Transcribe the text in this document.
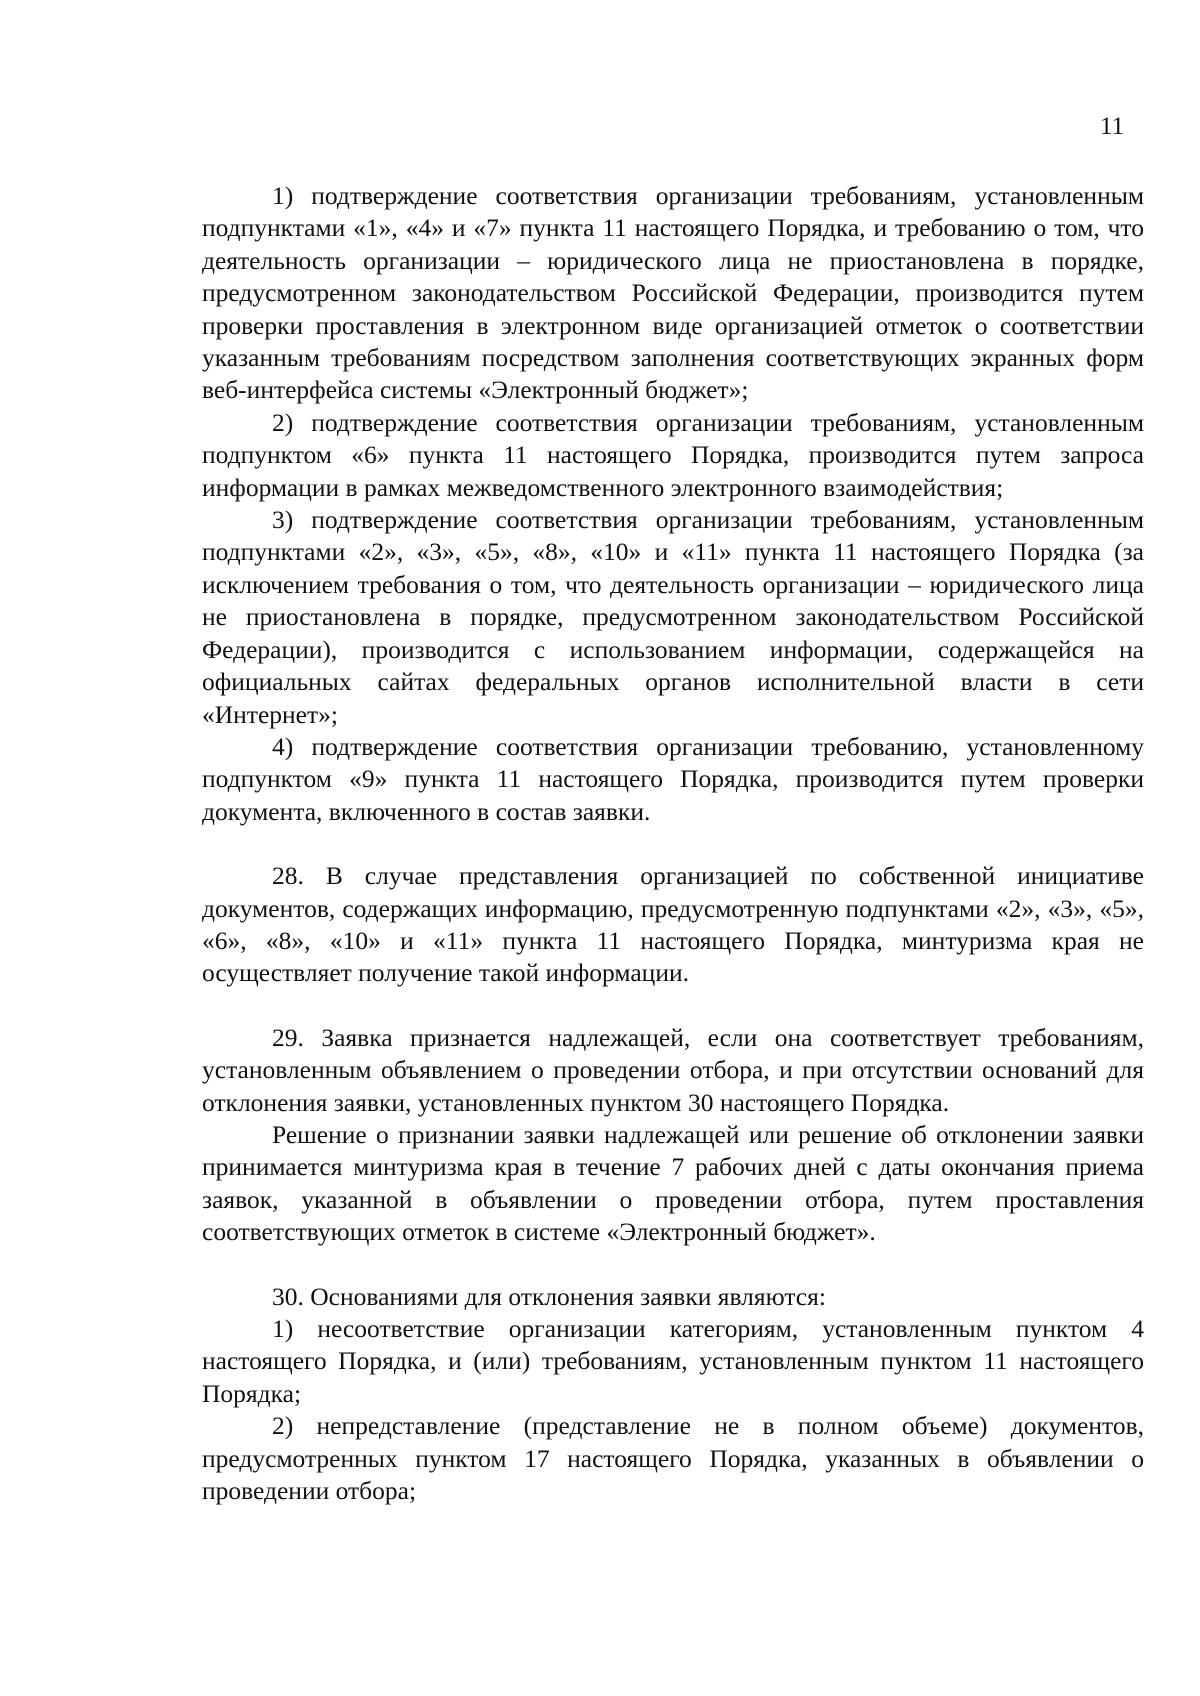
11

1) подтверждение соответствия организации требованиям, установленным подпунктами «1», «4» и «7» пункта 11 настоящего Порядка, и требованию о том, что деятельность организации – юридического лица не приостановлена в порядке, предусмотренном законодательством Российской Федерации, производится путем проверки проставления в электронном виде организацией отметок о соответствии указанным требованиям посредством заполнения соответствующих экранных форм веб-интерфейса системы «Электронный бюджет»;

2) подтверждение соответствия организации требованиям, установленным подпунктом «6» пункта 11 настоящего Порядка, производится путем запроса информации в рамках межведомственного электронного взаимодействия;

3) подтверждение соответствия организации требованиям, установленным подпунктами «2», «3», «5», «8», «10» и «11» пункта 11 настоящего Порядка (за исключением требования о том, что деятельность организации – юридического лица не приостановлена в порядке, предусмотренном законодательством Российской Федерации), производится с использованием информации, содержащейся на официальных сайтах федеральных органов исполнительной власти в сети «Интернет»;

4) подтверждение соответствия организации требованию, установленному подпунктом «9» пункта 11 настоящего Порядка, производится путем проверки документа, включенного в состав заявки.

28. В случае представления организацией по собственной инициативе документов, содержащих информацию, предусмотренную подпунктами «2», «3», «5», «6», «8», «10» и «11» пункта 11 настоящего Порядка, минтуризма края не осуществляет получение такой информации.

29. Заявка признается надлежащей, если она соответствует требованиям, установленным объявлением о проведении отбора, и при отсутствии оснований для отклонения заявки, установленных пунктом 30 настоящего Порядка.

Решение о признании заявки надлежащей или решение об отклонении заявки принимается минтуризма края в течение 7 рабочих дней с даты окончания приема заявок, указанной в объявлении о проведении отбора, путем проставления соответствующих отметок в системе «Электронный бюджет».

30. Основаниями для отклонения заявки являются:

1) несоответствие организации категориям, установленным пунктом 4 настоящего Порядка, и (или) требованиям, установленным пунктом 11 настоящего Порядка;

2) непредставление (представление не в полном объеме) документов, предусмотренных пунктом 17 настоящего Порядка, указанных в объявлении о проведении отбора;
